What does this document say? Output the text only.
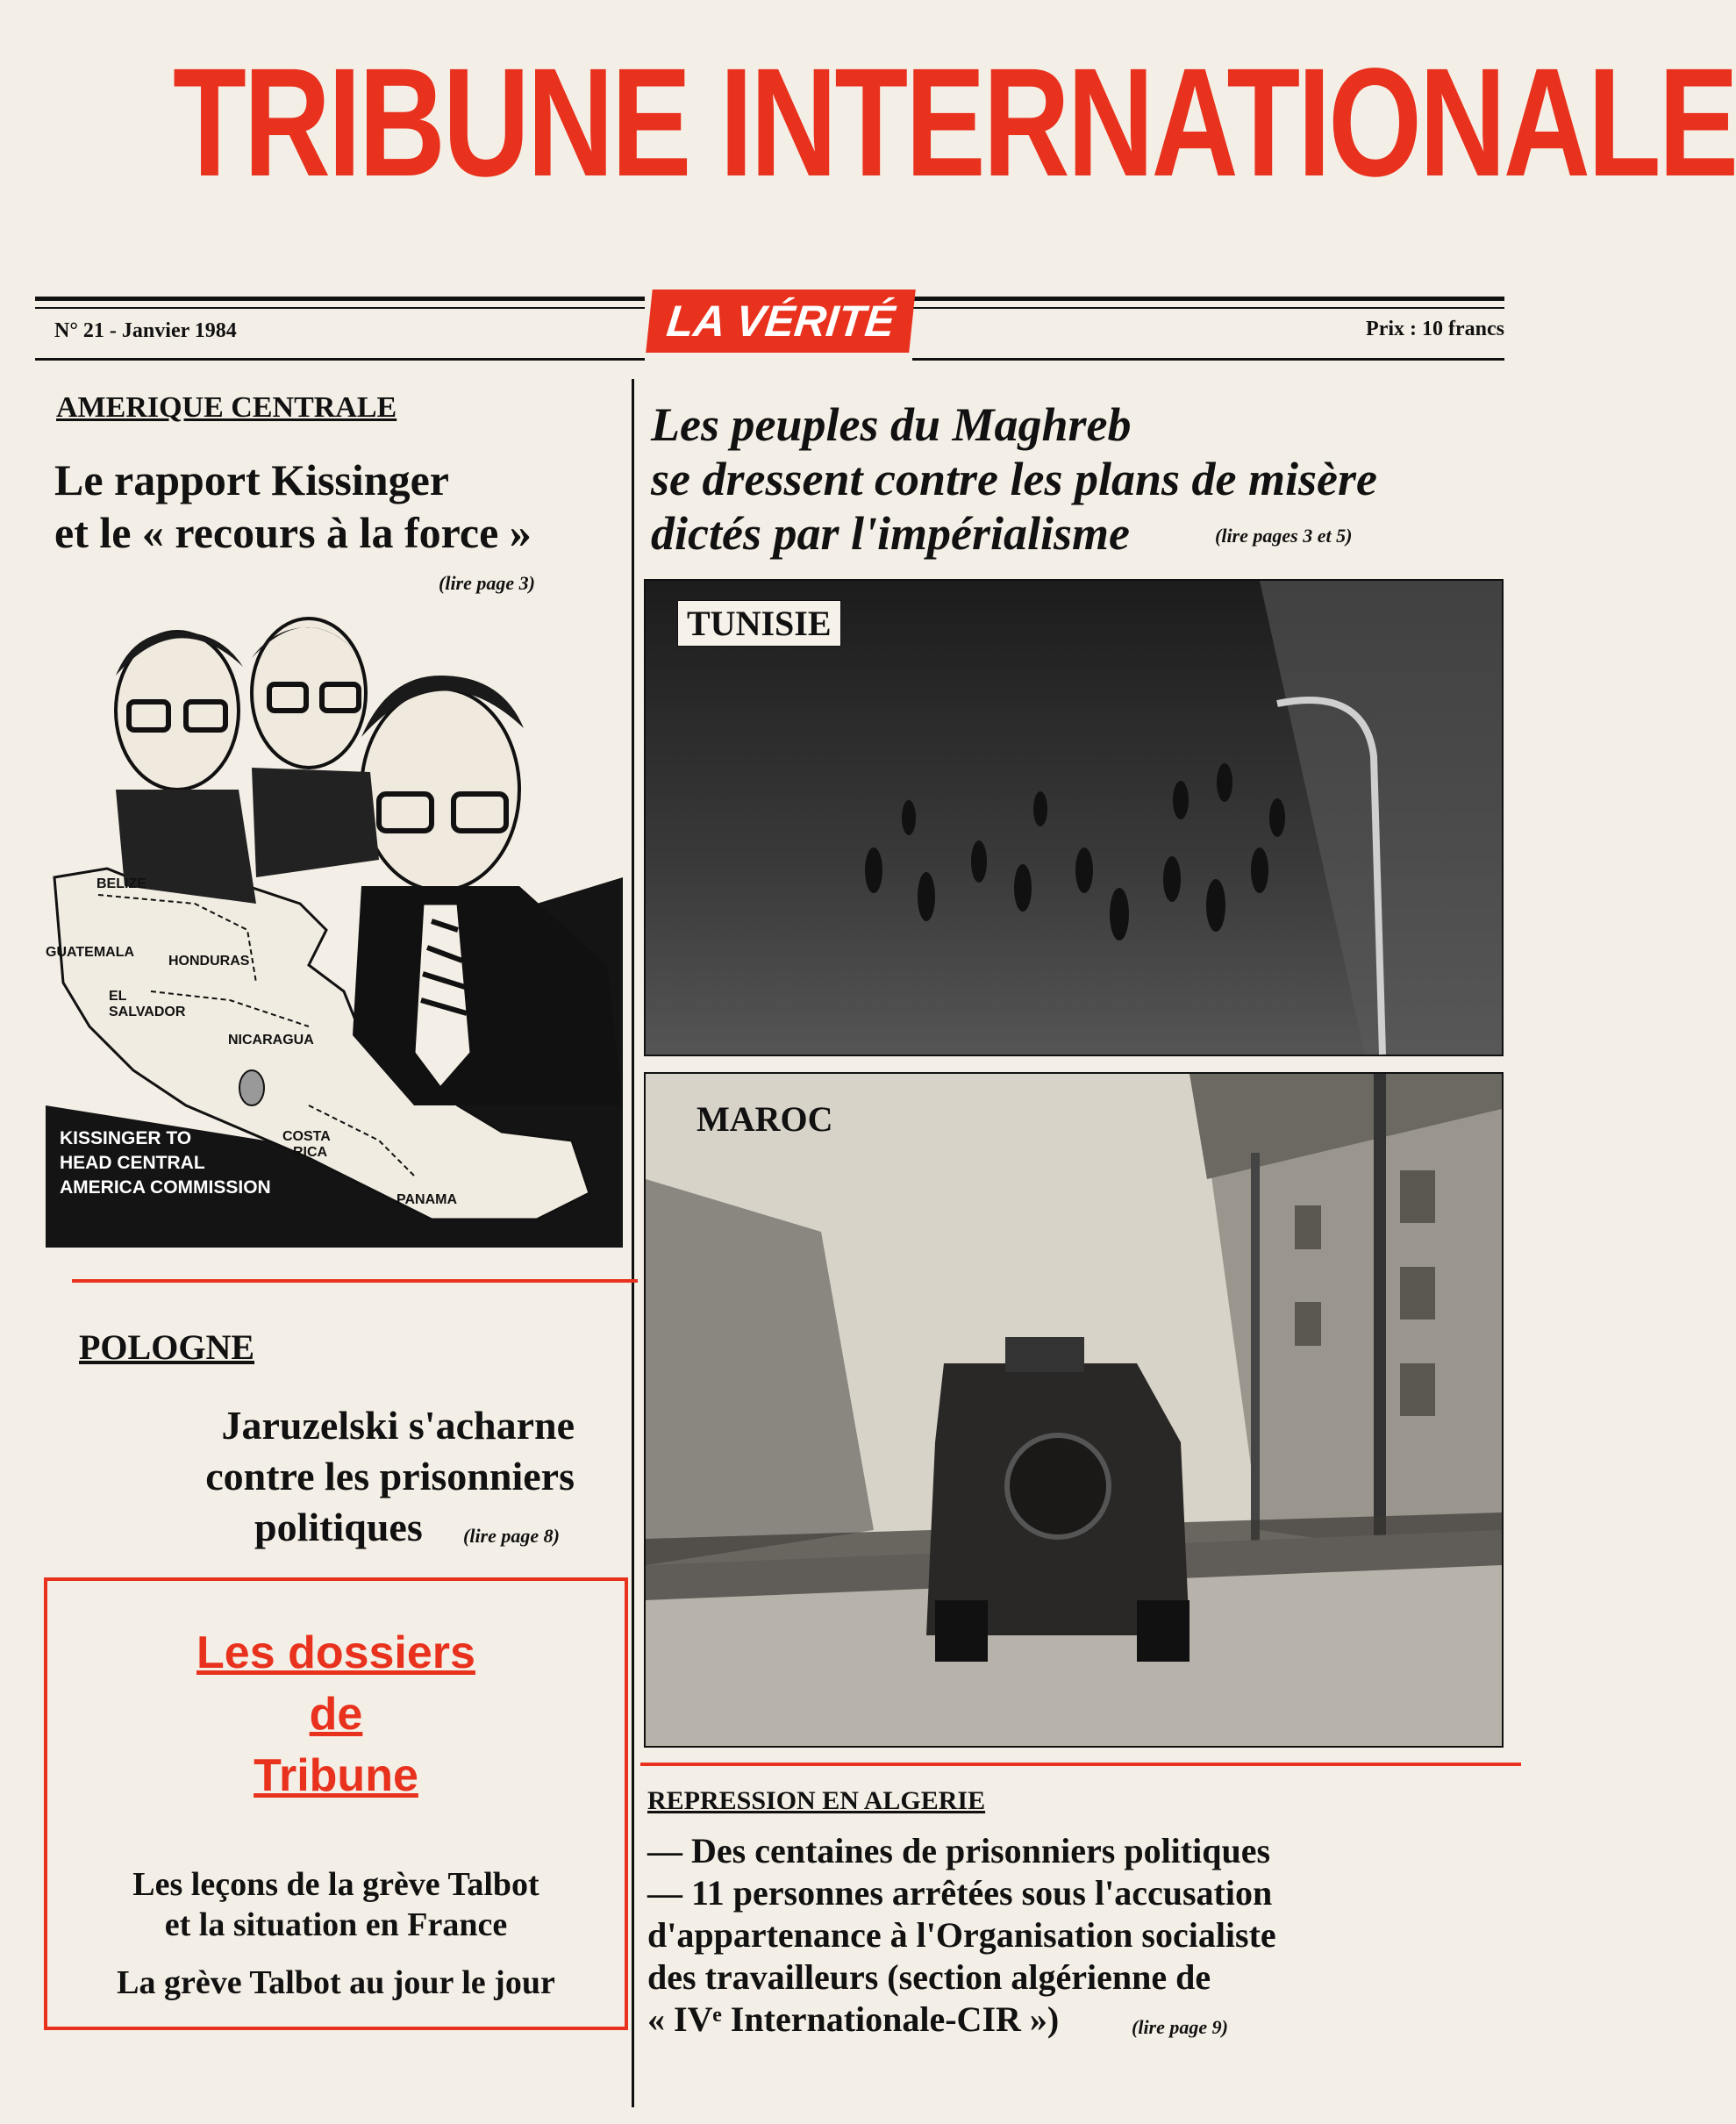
TRIBUNE INTERNATIONALE
LA VÉRITÉ
N° 21 - Janvier 1984	Prix : 10 francs
AMERIQUE CENTRALE
Le rapport Kissinger
et le « recours à la force »
(lire page 3)
BELIZE
GUATEMALA
HONDURAS
EL
SALVADOR
NICARAGUA
COSTA
RICA
PANAMA
KISSINGER TO
HEAD CENTRAL
AMERICA COMMISSION
POLOGNE
Jaruzelski s'acharne
contre les prisonniers
politiques (lire page 8)
Les dossiers
de
Tribune
Les leçons de la grève Talbot
et la situation en France
La grève Talbot au jour le jour
Les peuples du Maghreb
se dressent contre les plans de misère
dictés par l'impérialisme	(lire pages 3 et 5)
TUNISIE
MAROC
REPRESSION EN ALGERIE
— Des centaines de prisonniers politiques
— 11 personnes arrêtées sous l'accusation
d'appartenance à l'Organisation socialiste
des travailleurs (section algérienne de
« IVᵉ Internationale-CIR »)	(lire page 9)
